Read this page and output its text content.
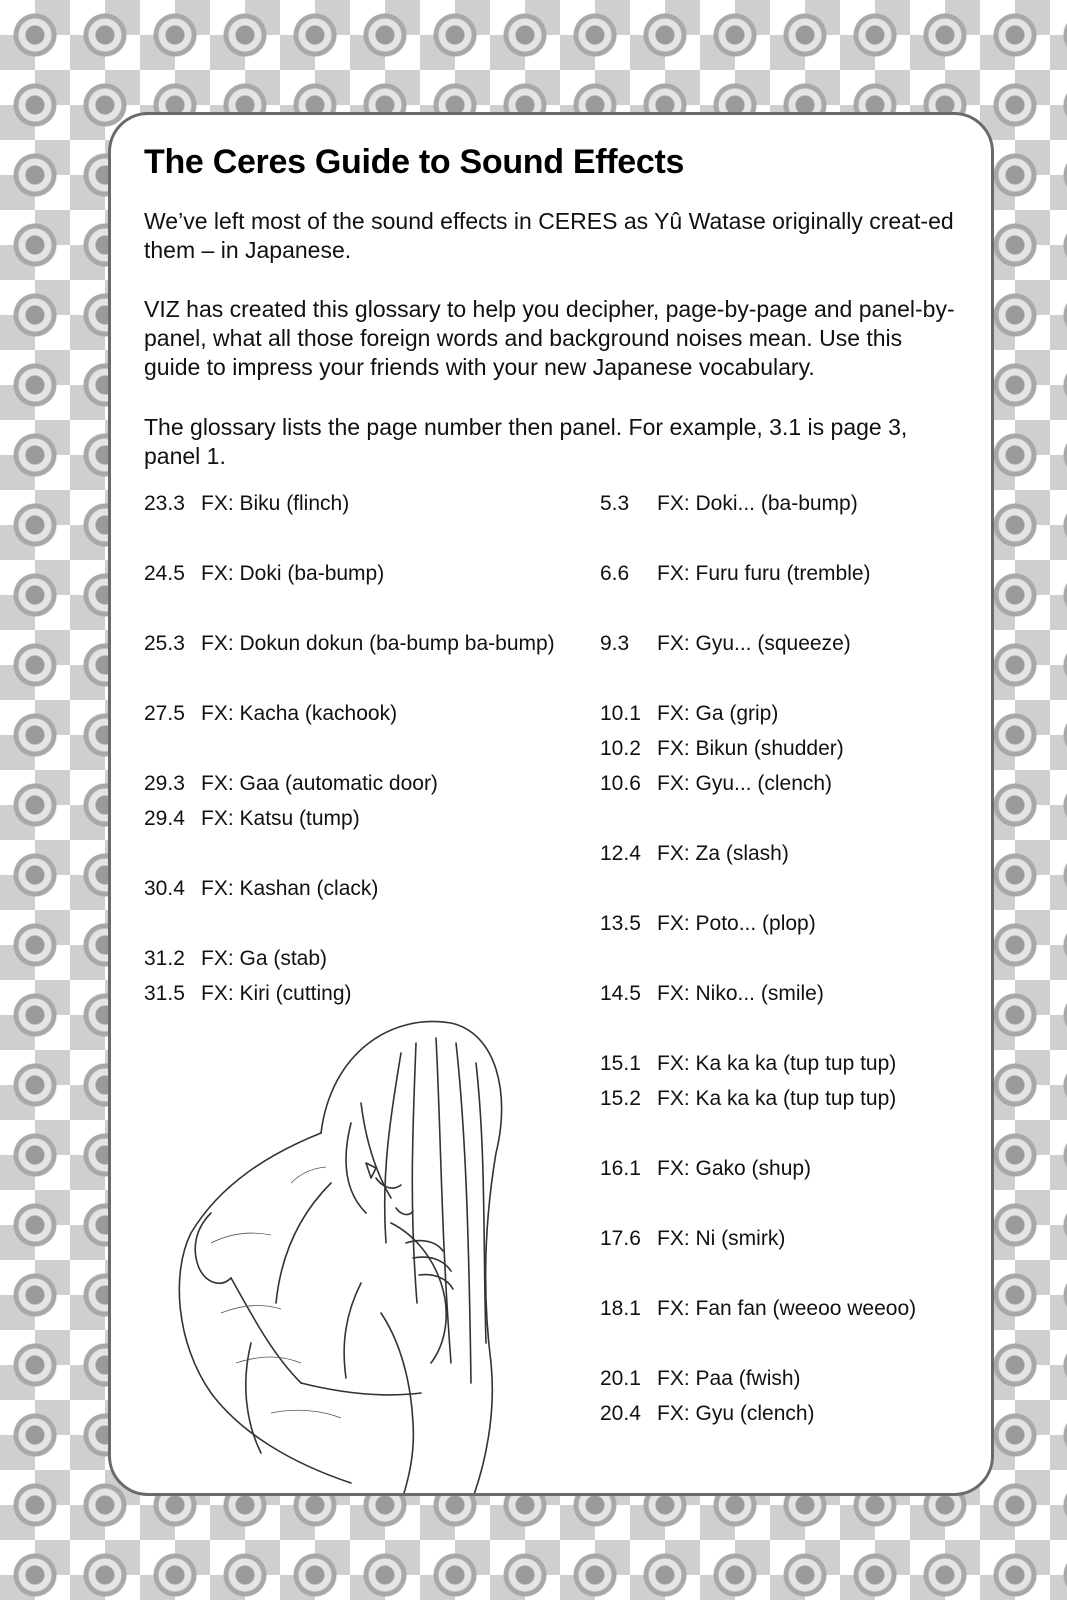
The Ceres Guide to Sound Effects

We’ve left most of the sound effects in CERES as Yû Watase originally creat-ed them – in Japanese.

VIZ has created this glossary to help you decipher, page-by-page and panel-by-panel, what all those foreign words and background noises mean. Use this guide to impress your friends with your new Japanese vocabulary.

The glossary lists the page number then panel. For example, 3.1 is page 3, panel 1.

23.3 FX: Biku (flinch)
24.5 FX: Doki (ba-bump)
25.3 FX: Dokun dokun (ba-bump ba-bump)
27.5 FX: Kacha (kachook)
29.3 FX: Gaa (automatic door)
29.4 FX: Katsu (tump)
30.4 FX: Kashan (clack)
31.2 FX: Ga (stab)
31.5 FX: Kiri (cutting)
5.3	FX: Doki... (ba-bump)
6.6	FX: Furu furu (tremble)
9.3	FX: Gyu... (squeeze)
10.1 FX: Ga (grip)
10.2 FX: Bikun (shudder)
10.6 FX: Gyu... (clench)
12.4 FX: Za (slash)
13.5 FX: Poto... (plop)
14.5 FX: Niko... (smile)
15.1 FX: Ka ka ka (tup tup tup)
15.2 FX: Ka ka ka (tup tup tup)
16.1 FX: Gako (shup)
17.6 FX: Ni (smirk)
18.1 FX: Fan fan (weeoo weeoo)
20.1 FX: Paa (fwish)
20.4 FX: Gyu (clench)
